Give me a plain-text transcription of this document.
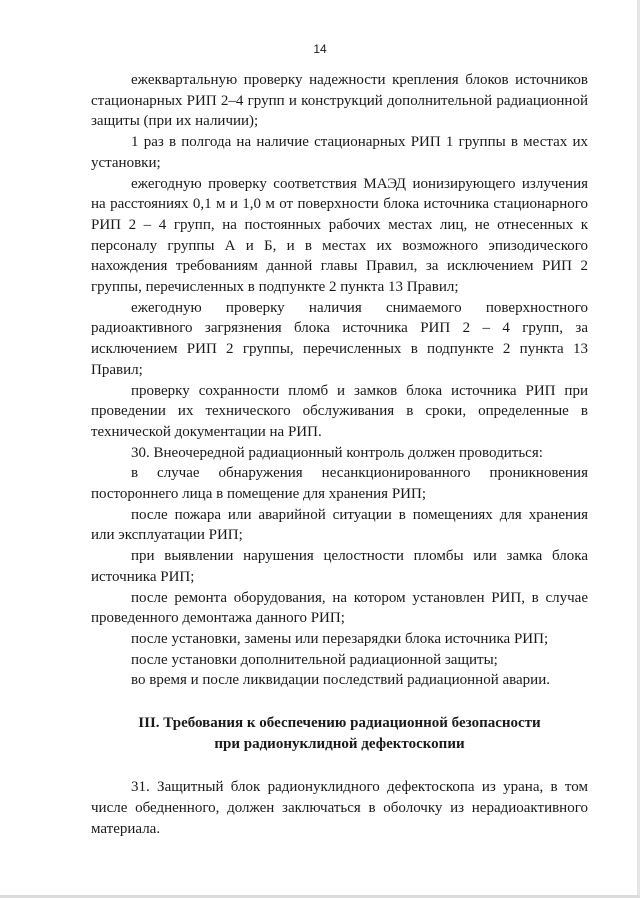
14

ежеквартальную проверку надежности крепления блоков источников стационарных РИП 2–4 групп и конструкций дополнительной радиационной защиты (при их наличии);

1 раз в полгода на наличие стационарных РИП 1 группы в местах их установки;

ежегодную проверку соответствия МАЭД ионизирующего излучения на расстояниях 0,1 м и 1,0 м от поверхности блока источника стационарного РИП 2 – 4 групп, на постоянных рабочих местах лиц, не отнесенных к персоналу группы А и Б, и в местах их возможного эпизодического нахождения требованиям данной главы Правил, за исключением РИП 2 группы, перечисленных в подпункте 2 пункта 13 Правил;

ежегодную проверку наличия снимаемого поверхностного радиоактивного загрязнения блока источника РИП 2 – 4 групп, за исключением РИП 2 группы, перечисленных в подпункте 2 пункта 13 Правил;

проверку сохранности пломб и замков блока источника РИП при проведении их технического обслуживания в сроки, определенные в технической документации на РИП.

30. Внеочередной радиационный контроль должен проводиться:

в случае обнаружения несанкционированного проникновения постороннего лица в помещение для хранения РИП;

после пожара или аварийной ситуации в помещениях для хранения или эксплуатации РИП;

при выявлении нарушения целостности пломбы или замка блока источника РИП;

после ремонта оборудования, на котором установлен РИП, в случае проведенного демонтажа данного РИП;

после установки, замены или перезарядки блока источника РИП;

после установки дополнительной радиационной защиты;

во время и после ликвидации последствий радиационной аварии.

III. Требования к обеспечению радиационной безопасности
при радионуклидной дефектоскопии

31. Защитный блок радионуклидного дефектоскопа из урана, в том числе обедненного, должен заключаться в оболочку из нерадиоактивного материала.
